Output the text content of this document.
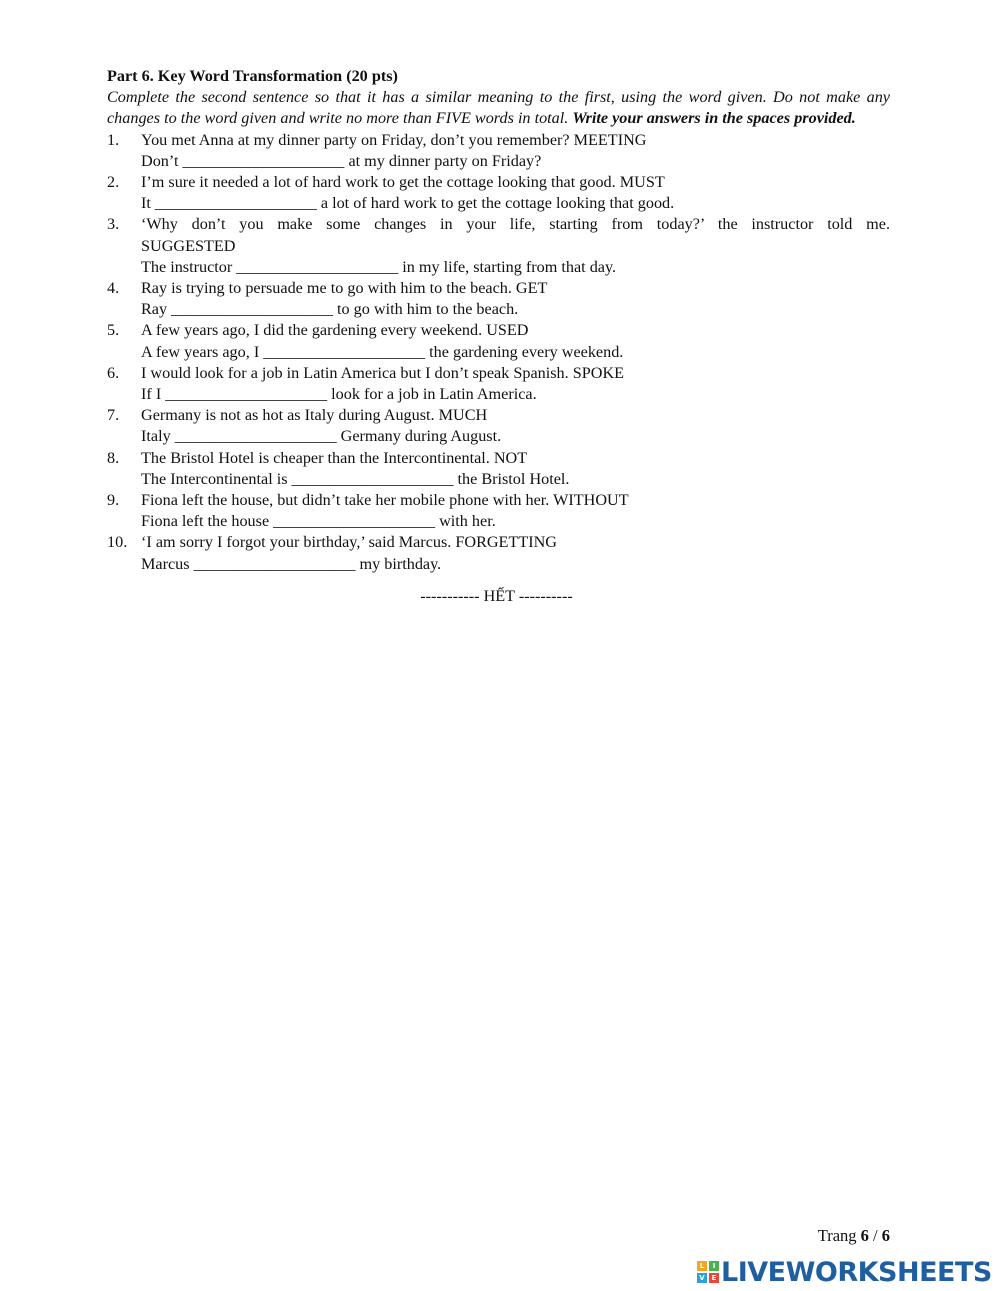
Part 6. Key Word Transformation (20 pts)
Complete the second sentence so that it has a similar meaning to the first, using the word given. Do not make any changes to the word given and write no more than FIVE words in total. Write your answers in the spaces provided.
1. You met Anna at my dinner party on Friday, don’t you remember? MEETING
Don’t ____________________ at my dinner party on Friday?
2. I’m sure it needed a lot of hard work to get the cottage looking that good. MUST
It ____________________ a lot of hard work to get the cottage looking that good.
3. ‘Why don’t you make some changes in your life, starting from today?’ the instructor told me.
SUGGESTED
The instructor ____________________ in my life, starting from that day.
4. Ray is trying to persuade me to go with him to the beach. GET
Ray ____________________ to go with him to the beach.
5. A few years ago, I did the gardening every weekend. USED
A few years ago, I ____________________ the gardening every weekend.
6. I would look for a job in Latin America but I don’t speak Spanish. SPOKE
If I ____________________ look for a job in Latin America.
7. Germany is not as hot as Italy during August. MUCH
Italy ____________________ Germany during August.
8. The Bristol Hotel is cheaper than the Intercontinental. NOT
The Intercontinental is ____________________ the Bristol Hotel.
9. Fiona left the house, but didn’t take her mobile phone with her. WITHOUT
Fiona left the house ____________________ with her.
10. ‘I am sorry I forgot your birthday,’ said Marcus. FORGETTING
Marcus ____________________ my birthday.
----------- HẾT ----------
Trang 6 / 6
L	I
V E LIVEWORKSHEETS
